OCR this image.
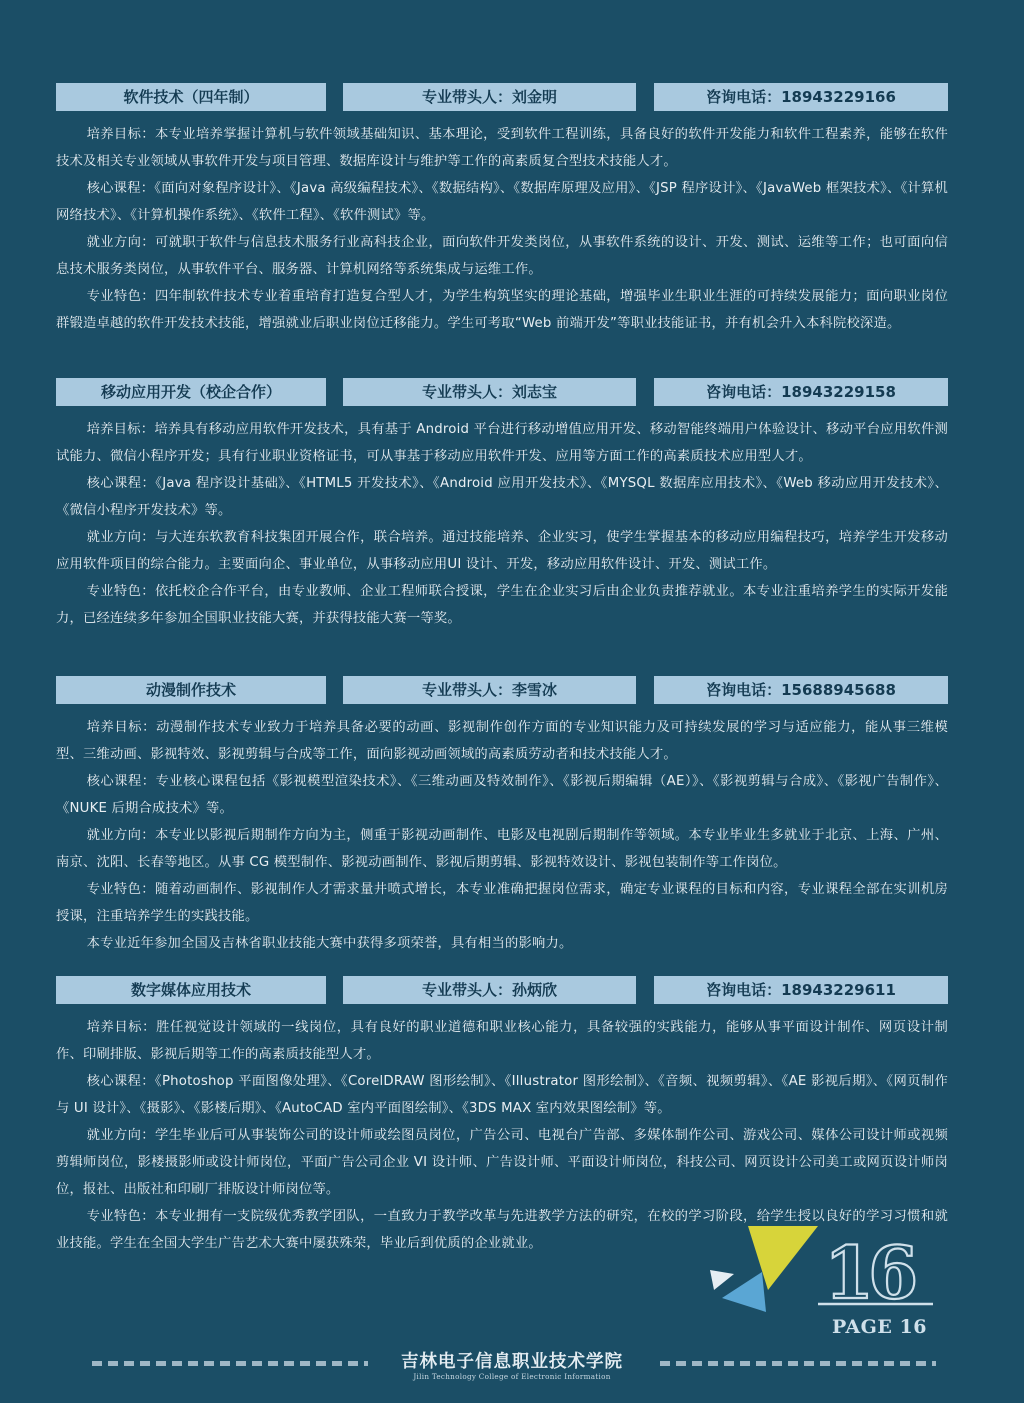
软件技术（四年制）	专业带头人：刘金明	咨询电话：18943229166

培养目标：本专业培养掌握计算机与软件领域基础知识、基本理论，受到软件工程训练，具备良好的软件开发能力和软件工程素养，能够在软件技术及相关专业领域从事软件开发与项目管理、数据库设计与维护等工作的高素质复合型技术技能人才。

核心课程：《面向对象程序设计》、《Java 高级编程技术》、《数据结构》、《数据库原理及应用》、《JSP 程序设计》、《JavaWeb 框架技术》、《计算机网络技术》、《计算机操作系统》、《软件工程》、《软件测试》等。

就业方向：可就职于软件与信息技术服务行业高科技企业，面向软件开发类岗位，从事软件系统的设计、开发、测试、运维等工作；也可面向信息技术服务类岗位，从事软件平台、服务器、计算机网络等系统集成与运维工作。

专业特色：四年制软件技术专业着重培育打造复合型人才，为学生构筑坚实的理论基础，增强毕业生职业生涯的可持续发展能力；面向职业岗位群锻造卓越的软件开发技术技能，增强就业后职业岗位迁移能力。学生可考取“Web 前端开发”等职业技能证书，并有机会升入本科院校深造。

移动应用开发（校企合作）	专业带头人：刘志宝	咨询电话：18943229158

培养目标：培养具有移动应用软件开发技术，具有基于 Android 平台进行移动增值应用开发、移动智能终端用户体验设计、移动平台应用软件测试能力、微信小程序开发；具有行业职业资格证书，可从事基于移动应用软件开发、应用等方面工作的高素质技术应用型人才。

核心课程：《Java 程序设计基础》、《HTML5 开发技术》、《Android 应用开发技术》、《MYSQL 数据库应用技术》、《Web 移动应用开发技术》、《微信小程序开发技术》等。

就业方向：与大连东软教育科技集团开展合作，联合培养。通过技能培养、企业实习，使学生掌握基本的移动应用编程技巧，培养学生开发移动应用软件项目的综合能力。主要面向企、事业单位，从事移动应用UI 设计、开发，移动应用软件设计、开发、测试工作。

专业特色：依托校企合作平台，由专业教师、企业工程师联合授课，学生在企业实习后由企业负责推荐就业。本专业注重培养学生的实际开发能力，已经连续多年参加全国职业技能大赛，并获得技能大赛一等奖。

动漫制作技术	专业带头人：李雪冰	咨询电话：15688945688

培养目标：动漫制作技术专业致力于培养具备必要的动画、影视制作创作方面的专业知识能力及可持续发展的学习与适应能力，能从事三维模型、三维动画、影视特效、影视剪辑与合成等工作，面向影视动画领域的高素质劳动者和技术技能人才。

核心课程：专业核心课程包括《影视模型渲染技术》、《三维动画及特效制作》、《影视后期编辑（AE）》、《影视剪辑与合成》、《影视广告制作》、《NUKE 后期合成技术》等。

就业方向：本专业以影视后期制作方向为主，侧重于影视动画制作、电影及电视剧后期制作等领域。本专业毕业生多就业于北京、上海、广州、南京、沈阳、长春等地区。从事 CG 模型制作、影视动画制作、影视后期剪辑、影视特效设计、影视包装制作等工作岗位。

专业特色：随着动画制作、影视制作人才需求量井喷式增长，本专业准确把握岗位需求，确定专业课程的目标和内容，专业课程全部在实训机房授课，注重培养学生的实践技能。

本专业近年参加全国及吉林省职业技能大赛中获得多项荣誉，具有相当的影响力。

数字媒体应用技术	专业带头人：孙炳欣	咨询电话：18943229611

培养目标：胜任视觉设计领域的一线岗位，具有良好的职业道德和职业核心能力，具备较强的实践能力，能够从事平面设计制作、网页设计制作、印刷排版、影视后期等工作的高素质技能型人才。

核心课程：《Photoshop 平面图像处理》、《CorelDRAW 图形绘制》、《Illustrator 图形绘制》、《音频、视频剪辑》、《AE 影视后期》、《网页制作与 UI 设计》、《摄影》、《影楼后期》、《AutoCAD 室内平面图绘制》、《3DS MAX 室内效果图绘制》等。

就业方向：学生毕业后可从事装饰公司的设计师或绘图员岗位，广告公司、电视台广告部、多媒体制作公司、游戏公司、媒体公司设计师或视频剪辑师岗位，影楼摄影师或设计师岗位，平面广告公司企业 VI 设计师、广告设计师、平面设计师岗位，科技公司、网页设计公司美工或网页设计师岗位，报社、出版社和印刷厂排版设计师岗位等。

专业特色：本专业拥有一支院级优秀教学团队，一直致力于教学改革与先进教学方法的研究，在校的学习阶段，给学生授以良好的学习习惯和就业技能。学生在全国大学生广告艺术大赛中屡获殊荣，毕业后到优质的企业就业。	16
PAGE 16
吉林电子信息职业技术学院
Jilin Technology College of Electronic Information
